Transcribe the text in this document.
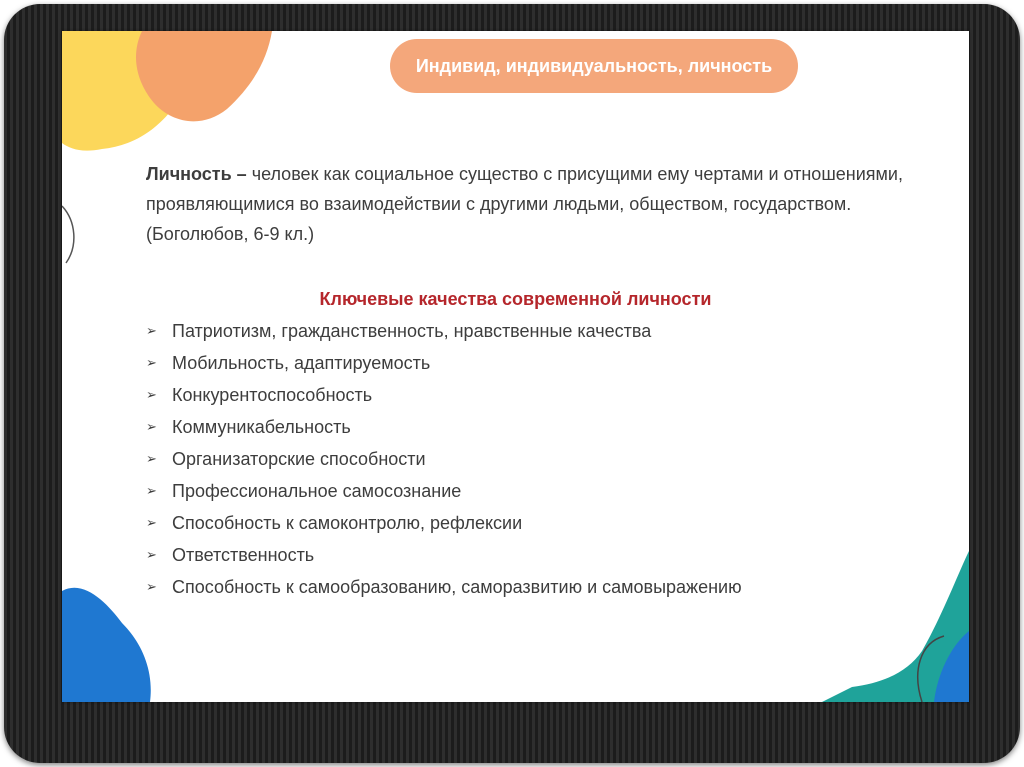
Индивид, индивидуальность, личность

Личность – человек как социальное существо с присущими ему чертами и отношениями, проявляющимися во взаимодействии с другими людьми, обществом, государством. (Боголюбов, 6-9 кл.)

Ключевые качества современной личности
➢ Патриотизм, гражданственность, нравственные качества
➢ Мобильность, адаптируемость
➢ Конкурентоспособность
➢ Коммуникабельность
➢ Организаторские способности
➢ Профессиональное самосознание
➢ Способность к самоконтролю, рефлексии
➢ Ответственность
➢ Способность к самообразованию, саморазвитию и самовыражению
